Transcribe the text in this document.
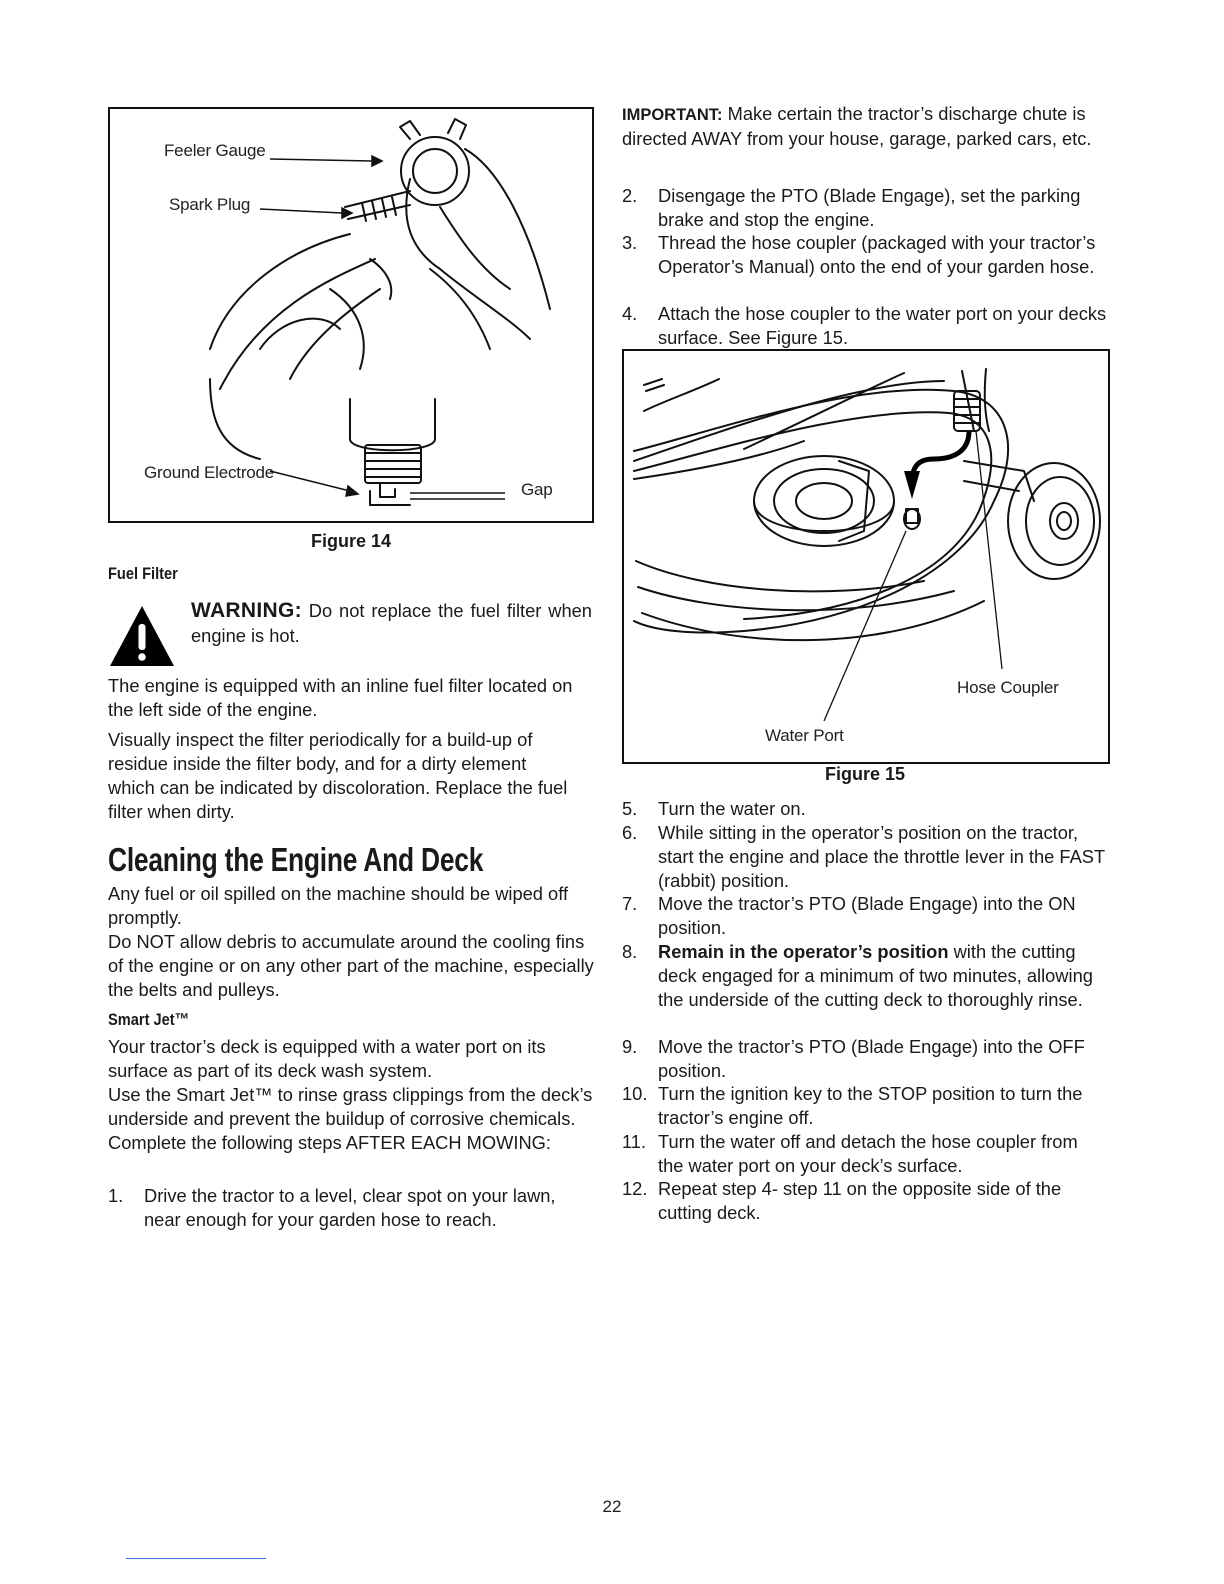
Feeler Gauge
Spark Plug
Ground Electrode
Gap
Figure 14
Fuel Filter

WARNING: Do not replace the fuel filter when engine is hot.

The engine is equipped with an inline fuel filter located on the left side of the engine.

Visually inspect the filter periodically for a build-up of residue inside the filter body, and for a dirty element which can be indicated by discoloration. Replace the fuel filter when dirty.

Cleaning the Engine And Deck

Any fuel or oil spilled on the machine should be wiped off promptly.

Do NOT allow debris to accumulate around the cooling fins of the engine or on any other part of the machine, especially the belts and pulleys.

Smart Jet™

Your tractor’s deck is equipped with a water port on its surface as part of its deck wash system.

Use the Smart Jet™ to rinse grass clippings from the deck’s underside and prevent the buildup of corrosive chemicals. Complete the following steps AFTER EACH MOWING:

1. Drive the tractor to a level, clear spot on your lawn, near enough for your garden hose to reach.

IMPORTANT: Make certain the tractor’s discharge chute is directed AWAY from your house, garage, parked cars, etc.

2. Disengage the PTO (Blade Engage), set the parking brake and stop the engine.
3. Thread the hose coupler (packaged with your tractor’s Operator’s Manual) onto the end of your garden hose.
4. Attach the hose coupler to the water port on your decks surface. See Figure 15.
Hose Coupler
Water Port
Figure 15
5. Turn the water on.
6. While sitting in the operator’s position on the tractor, start the engine and place the throttle lever in the FAST (rabbit) position.
7. Move the tractor’s PTO (Blade Engage) into the ON position.
8. Remain in the operator’s position with the cutting deck engaged for a minimum of two minutes, allowing the underside of the cutting deck to thoroughly rinse.
9. Move the tractor’s PTO (Blade Engage) into the OFF position.
10. Turn the ignition key to the STOP position to turn the tractor’s engine off.
11. Turn the water off and detach the hose coupler from the water port on your deck’s surface.
12. Repeat step 4- step 11 on the opposite side of the cutting deck.
22
